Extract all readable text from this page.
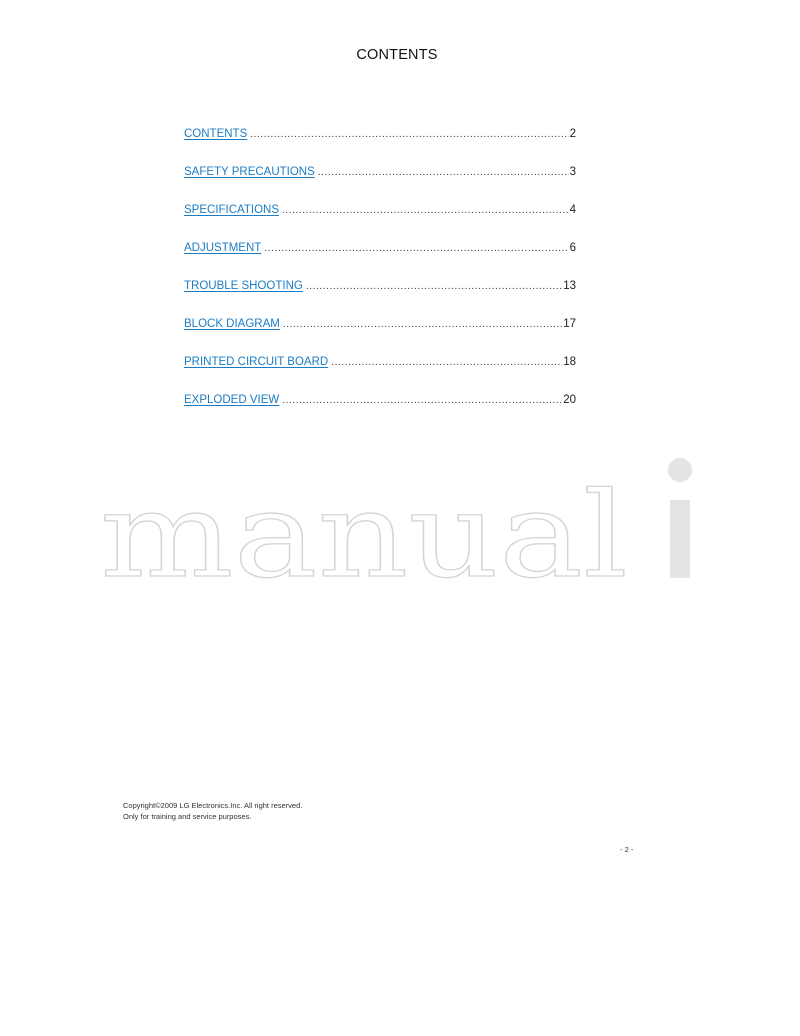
CONTENTS
CONTENTS .....	2
SAFETY PRECAUTIONS .....	3
SPECIFICATIONS .....	4
ADJUSTMENT .....	6
TROUBLE SHOOTING .....	13
BLOCK DIAGRAM .....	17
PRINTED CIRCUIT BOARD .....	18
EXPLODED VIEW .....	20
manual
Copyright©2009 LG Electronics.Inc. All right reserved.
Only for training and service purposes.
- 2 -
